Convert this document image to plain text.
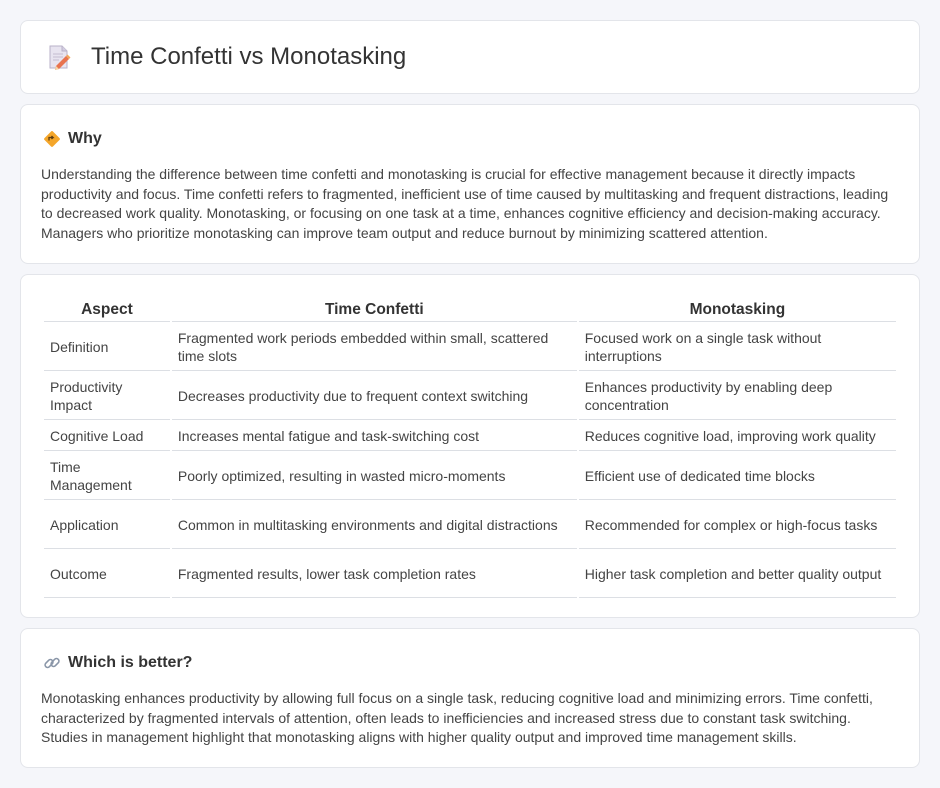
Time Confetti vs Monotasking
Why

Understanding the difference between time confetti and monotasking is crucial for effective management because it directly impacts productivity and focus. Time confetti refers to fragmented, inefficient use of time caused by multitasking and frequent distractions, leading to decreased work quality. Monotasking, or focusing on one task at a time, enhances cognitive efficiency and decision-making accuracy. Managers who prioritize monotasking can improve team output and reduce burnout by minimizing scattered attention.

Aspect	Time Confetti	Monotasking
Definition	Fragmented work periods embedded within small, scattered time slots	Focused work on a single task without interruptions
Productivity Impact	Decreases productivity due to frequent context switching	Enhances productivity by enabling deep concentration
Cognitive Load	Increases mental fatigue and task-switching cost	Reduces cognitive load, improving work quality
Time Management	Poorly optimized, resulting in wasted micro-moments	Efficient use of dedicated time blocks
Application	Common in multitasking environments and digital distractions	Recommended for complex or high-focus tasks
Outcome	Fragmented results, lower task completion rates	Higher task completion and better quality output
Which is better?

Monotasking enhances productivity by allowing full focus on a single task, reducing cognitive load and minimizing errors. Time confetti, characterized by fragmented intervals of attention, often leads to inefficiencies and increased stress due to constant task switching. Studies in management highlight that monotasking aligns with higher quality output and improved time management skills.
